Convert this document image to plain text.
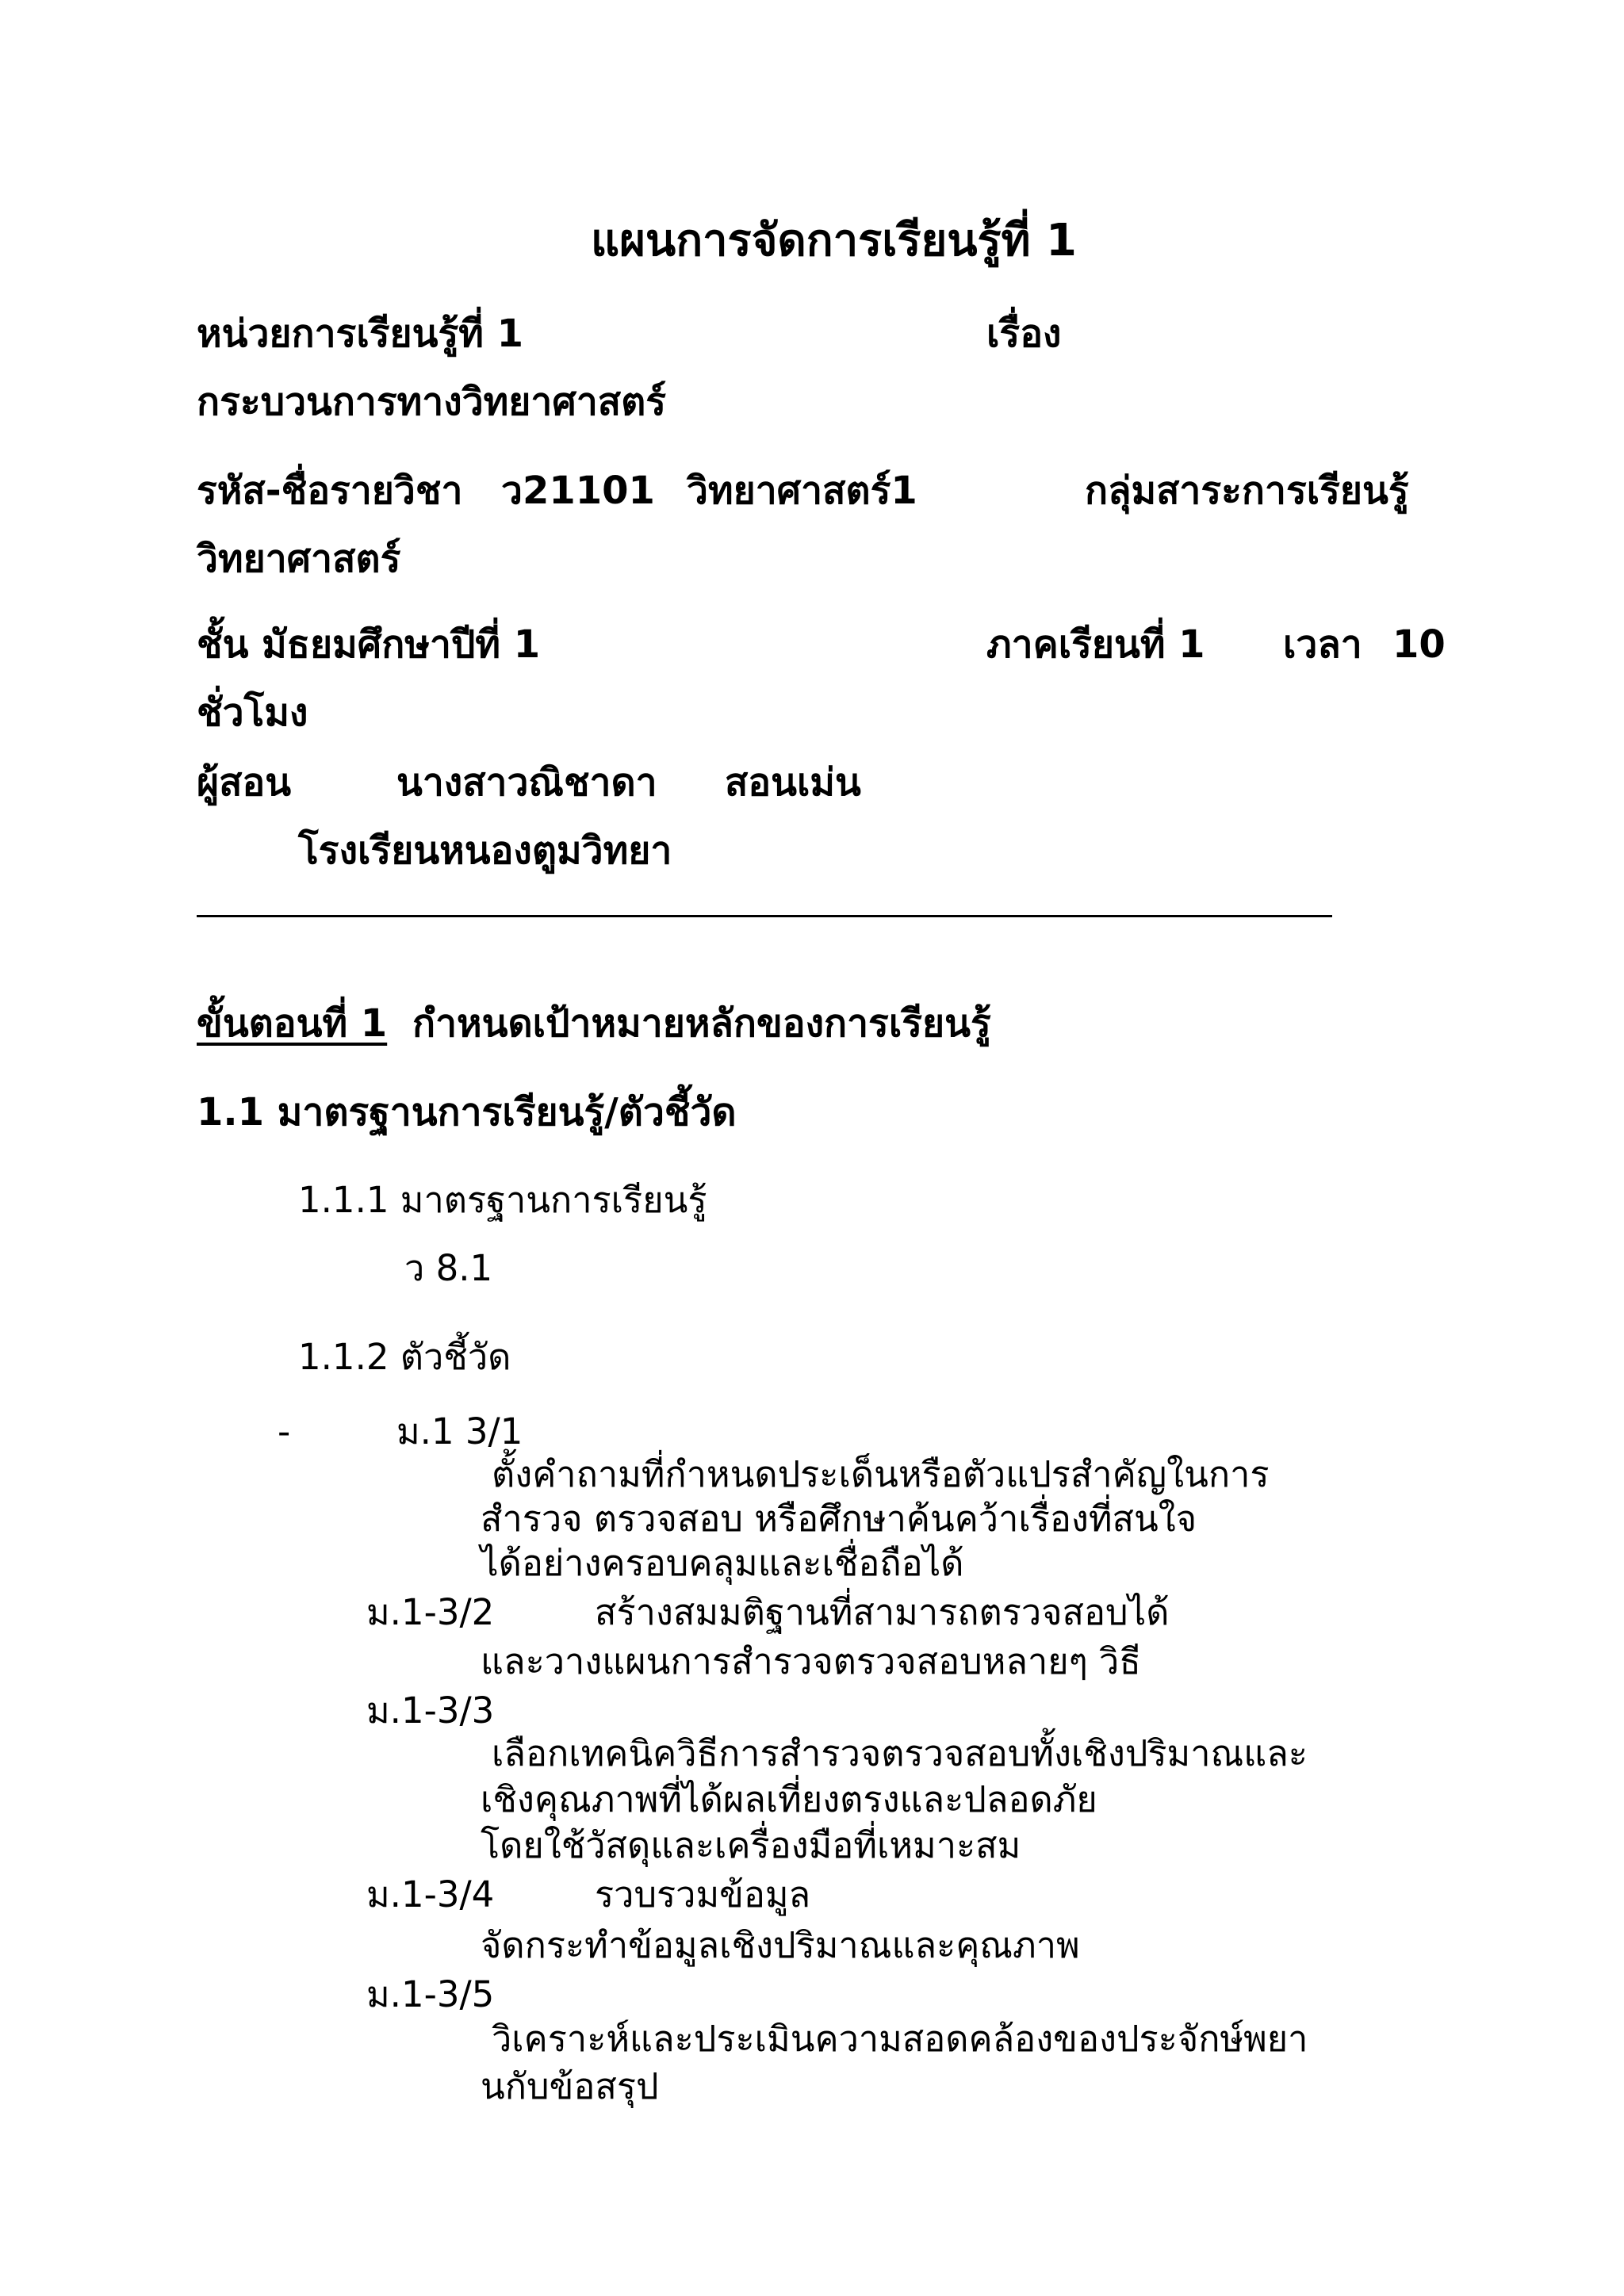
แผนการจัดการเรียนรู้ที่ 1
หน่วยการเรียนรู้ที่ 1	เรื่อง
กระบวนการทางวิทยาศาสตร์
รหัส-ชื่อรายวิชา ว21101 วิทยาศาสตร์1	กลุ่มสาระการเรียนรู้
วิทยาศาสตร์
ชั้น มัธยมศึกษาปีที่ 1	ภาคเรียนที่ 1 เวลา 10
ชั่วโมง
ผู้สอน	นางสาวณิชาดา สอนเม่น
โรงเรียนหนองตูมวิทยา
ขั้นตอนที่ 1 กำหนดเป้าหมายหลักของการเรียนรู้
1.1 มาตรฐานการเรียนรู้/ตัวชี้วัด
1.1.1 มาตรฐานการเรียนรู้
ว 8.1
1.1.2 ตัวชี้วัด
-	ม.1 3/1
ตั้งคำถามที่กำหนดประเด็นหรือตัวแปรสำคัญในการ
สำรวจ ตรวจสอบ หรือศึกษาค้นคว้าเรื่องที่สนใจ
ได้อย่างครอบคลุมและเชื่อถือได้
ม.1-3/2	สร้างสมมติฐานที่สามารถตรวจสอบได้
และวางแผนการสำรวจตรวจสอบหลายๆ วิธี
ม.1-3/3
เลือกเทคนิควิธีการสำรวจตรวจสอบทั้งเชิงปริมาณและ
เชิงคุณภาพที่ได้ผลเที่ยงตรงและปลอดภัย
โดยใช้วัสดุและเครื่องมือที่เหมาะสม
ม.1-3/4	รวบรวมข้อมูล
จัดกระทำข้อมูลเชิงปริมาณและคุณภาพ
ม.1-3/5
วิเคราะห์และประเมินความสอดคล้องของประจักษ์พยา
นกับข้อสรุป
